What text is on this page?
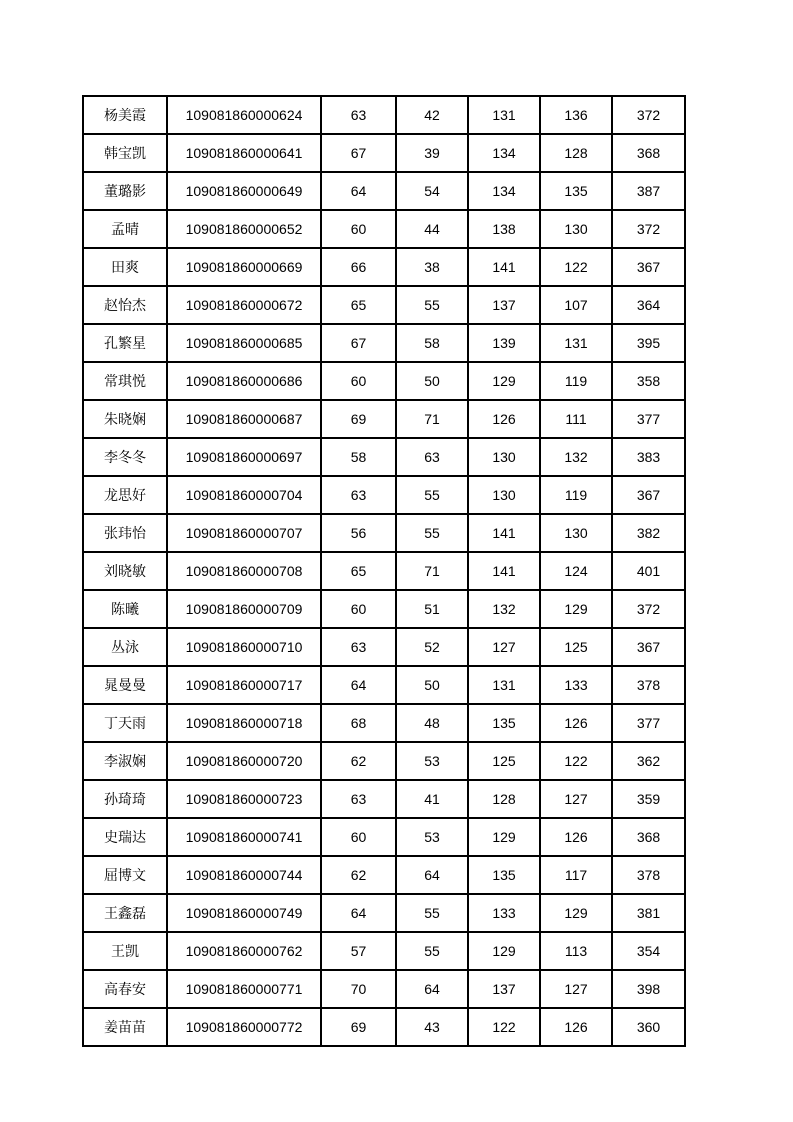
杨美霞	109081860000624	63	42	131	136	372
韩宝凯	109081860000641	67	39	134	128	368
董璐影	109081860000649	64	54	134	135	387
孟晴	109081860000652	60	44	138	130	372
田爽	109081860000669	66	38	141	122	367
赵怡杰	109081860000672	65	55	137	107	364
孔繁星	109081860000685	67	58	139	131	395
常琪悦	109081860000686	60	50	129	119	358
朱晓娴	109081860000687	69	71	126	111	377
李冬冬	109081860000697	58	63	130	132	383
龙思好	109081860000704	63	55	130	119	367
张玮怡	109081860000707	56	55	141	130	382
刘晓敏	109081860000708	65	71	141	124	401
陈曦	109081860000709	60	51	132	129	372
丛泳	109081860000710	63	52	127	125	367
晁曼曼	109081860000717	64	50	131	133	378
丁天雨	109081860000718	68	48	135	126	377
李淑娴	109081860000720	62	53	125	122	362
孙琦琦	109081860000723	63	41	128	127	359
史瑞达	109081860000741	60	53	129	126	368
屈博文	109081860000744	62	64	135	117	378
王鑫磊	109081860000749	64	55	133	129	381
王凯	109081860000762	57	55	129	113	354
高春安	109081860000771	70	64	137	127	398
姜苗苗	109081860000772	69	43	122	126	360
